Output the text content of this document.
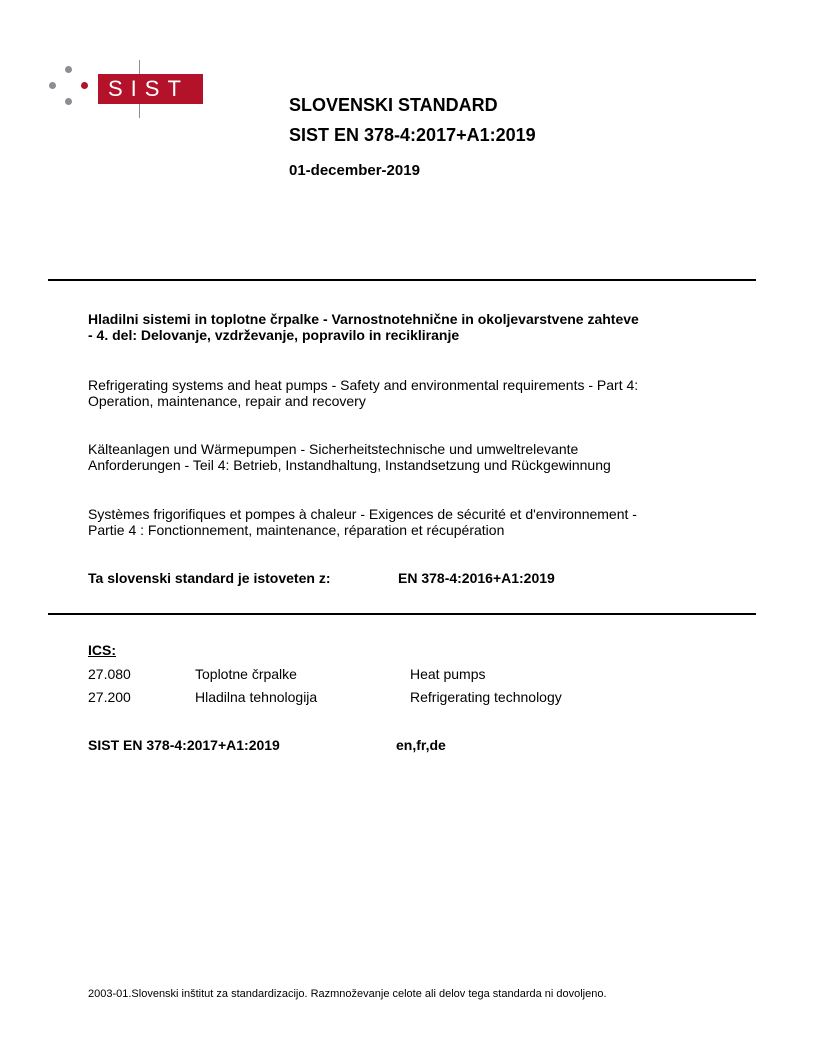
SIST
SLOVENSKI STANDARD
SIST EN 378-4:2017+A1:2019
01-december-2019
Hladilni sistemi in toplotne črpalke - Varnostnotehnične in okoljevarstvene zahteve
- 4. del: Delovanje, vzdrževanje, popravilo in recikliranje
Refrigerating systems and heat pumps - Safety and environmental requirements - Part 4:
Operation, maintenance, repair and recovery
Kälteanlagen und Wärmepumpen - Sicherheitstechnische und umweltrelevante
Anforderungen - Teil 4: Betrieb, Instandhaltung, Instandsetzung und Rückgewinnung
Systèmes frigorifiques et pompes à chaleur - Exigences de sécurité et d'environnement -
Partie 4 : Fonctionnement, maintenance, réparation et récupération
Ta slovenski standard je istoveten z:	EN 378-4:2016+A1:2019
ICS:
27.080	Toplotne črpalke	Heat pumps
27.200	Hladilna tehnologija	Refrigerating technology
SIST EN 378-4:2017+A1:2019	en,fr,de
2003-01.Slovenski inštitut za standardizacijo. Razmnoževanje celote ali delov tega standarda ni dovoljeno.
